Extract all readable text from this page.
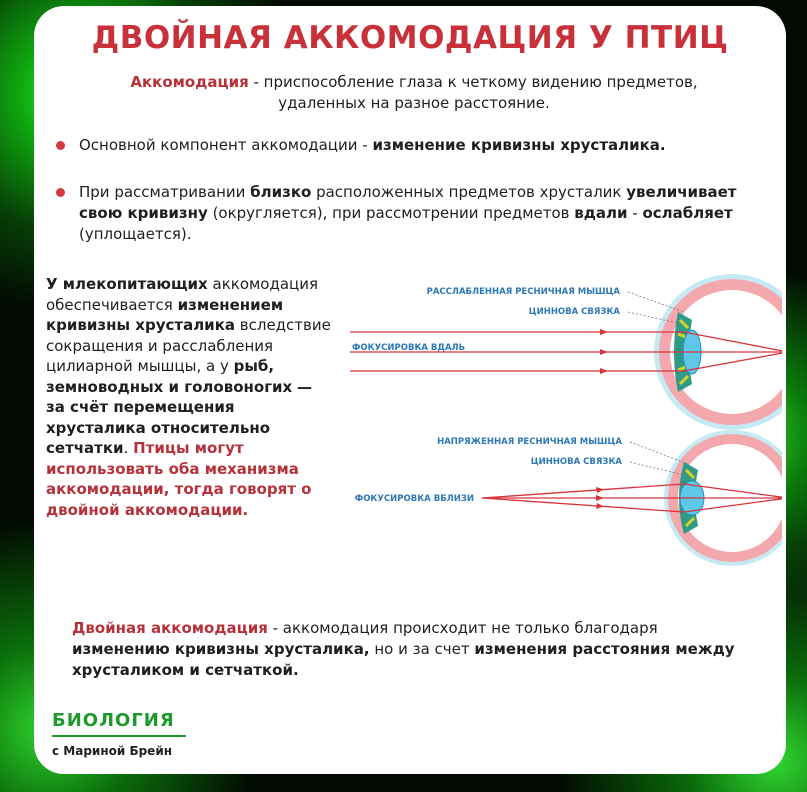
ДВОЙНАЯ АККОМОДАЦИЯ У ПТИЦ
Аккомодация - приспособление глаза к четкому видению предметов,
удаленных на разное расстояние.
Основной компонент аккомодации - изменение кривизны хрусталика.
При рассматривании близко расположенных предметов хрусталик увеличивает свою кривизну (округляется), при рассмотрении предметов вдали - ослабляет (уплощается).
У млекопитающих аккомодация обеспечивается изменением кривизны хрусталика вследствие сокращения и расслабления цилиарной мышцы, а у рыб, земноводных и головоногих — за счёт перемещения хрусталика относительно сетчатки. Птицы могут использовать оба механизма аккомодации, тогда говорят о двойной аккомодации.
РАССЛАБЛЕННАЯ РЕСНИЧНАЯ МЫШЦА
ЦИННОВА СВЯЗКА
ФОКУСИРОВКА ВДАЛЬ
НАПРЯЖЕННАЯ РЕСНИЧНАЯ МЫШЦА
ЦИННОВА СВЯЗКА
ФОКУСИРОВКА ВБЛИЗИ
Двойная аккомодация - аккомодация происходит не только благодаря изменению кривизны хрусталика, но и за счет изменения расстояния между хрусталиком и сетчаткой.
БИОЛОГИЯ
с Мариной Брейн
